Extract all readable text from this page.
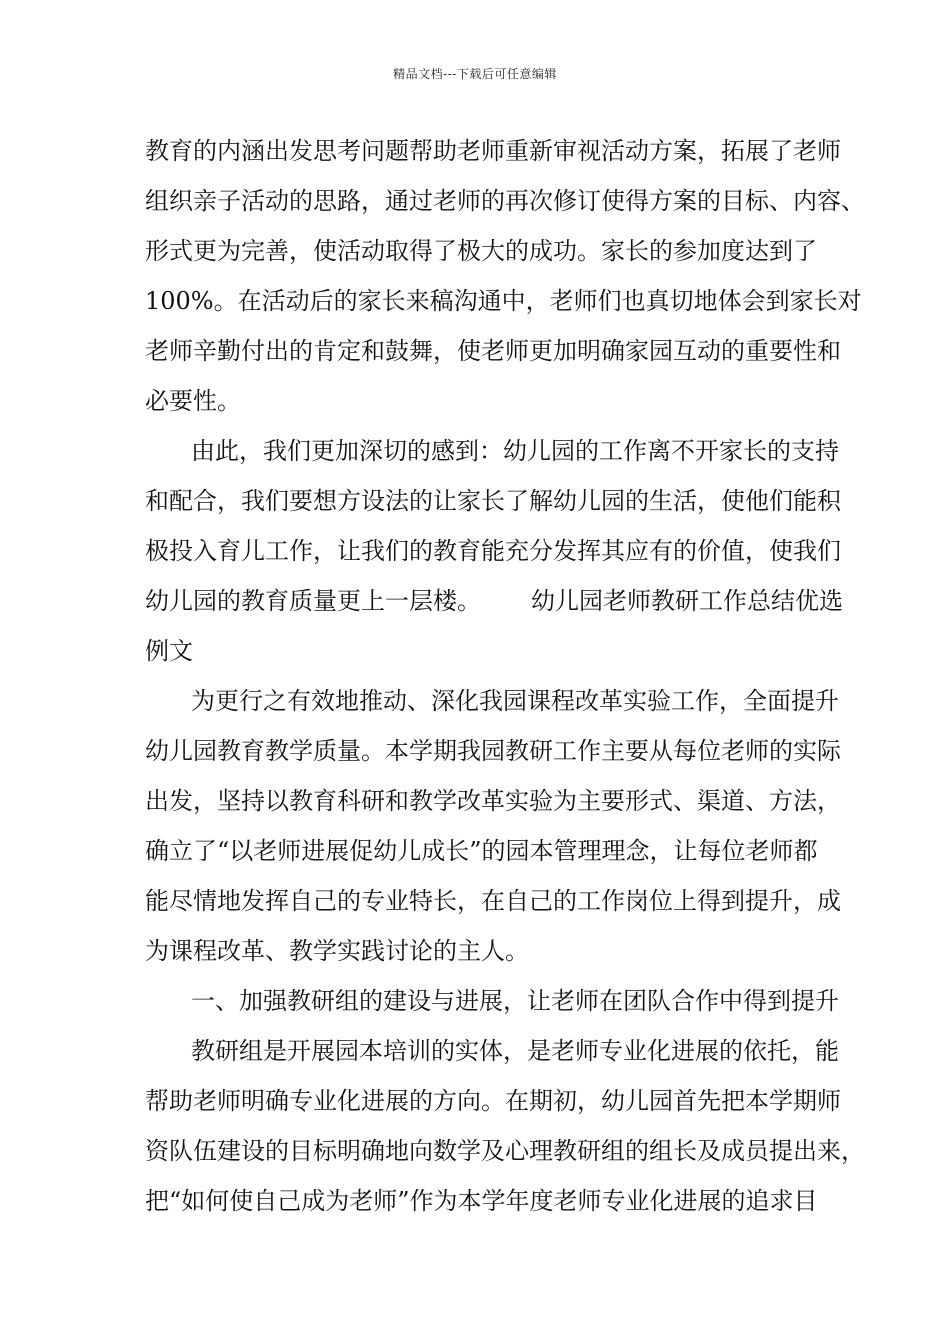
精品文档---下载后可任意编辑
教育的内涵出发思考问题帮助老师重新审视活动方案，拓展了老师
组织亲子活动的思路，通过老师的再次修订使得方案的目标、内容、
形式更为完善，使活动取得了极大的成功。家长的参加度达到了
100%。在活动后的家长来稿沟通中，老师们也真切地体会到家长对
老师辛勤付出的肯定和鼓舞，使老师更加明确家园互动的重要性和
必要性。
由此，我们更加深切的感到：幼儿园的工作离不开家长的支持
和配合，我们要想方设法的让家长了解幼儿园的生活，使他们能积
极投入育儿工作，让我们的教育能充分发挥其应有的价值，使我们
幼儿园的教育质量更上一层楼。 幼儿园老师教研工作总结优选
例文
为更行之有效地推动、深化我园课程改革实验工作，全面提升
幼儿园教育教学质量。本学期我园教研工作主要从每位老师的实际
出发，坚持以教育科研和教学改革实验为主要形式、渠道、方法，
确立了“以老师进展促幼儿成长”的园本管理理念，让每位老师都
能尽情地发挥自己的专业特长，在自己的工作岗位上得到提升，成
为课程改革、教学实践讨论的主人。
一、加强教研组的建设与进展，让老师在团队合作中得到提升
教研组是开展园本培训的实体，是老师专业化进展的依托，能
帮助老师明确专业化进展的方向。在期初，幼儿园首先把本学期师
资队伍建设的目标明确地向数学及心理教研组的组长及成员提出来，
把“如何使自己成为老师”作为本学年度老师专业化进展的追求目
